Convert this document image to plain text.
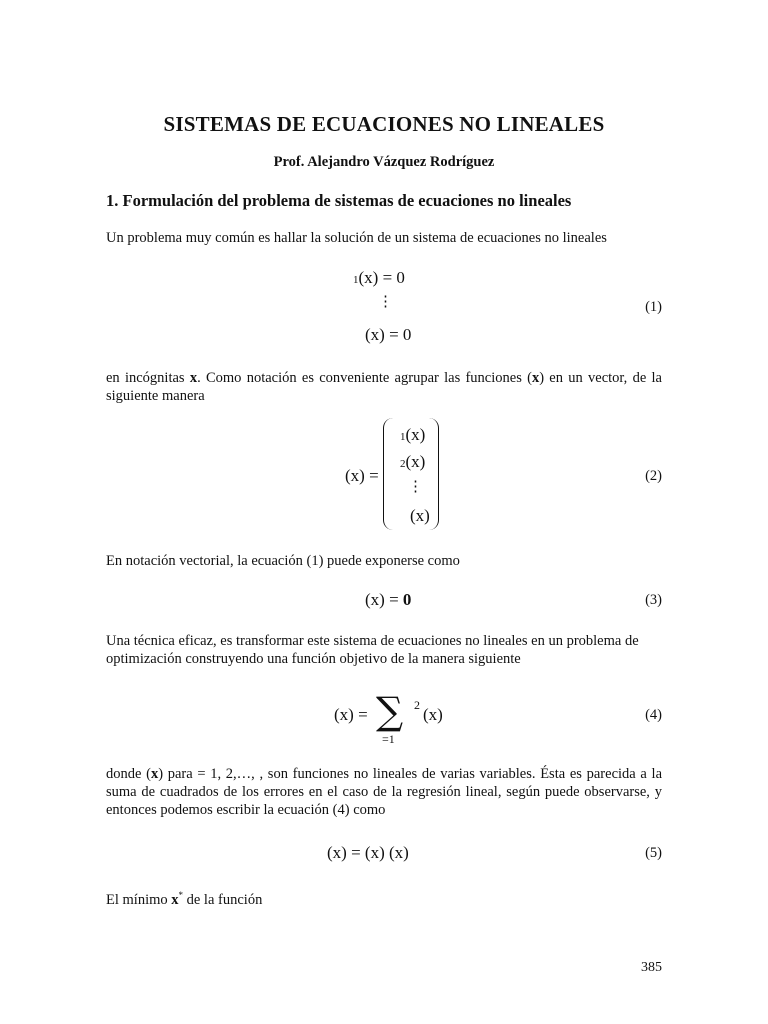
SISTEMAS DE ECUACIONES NO LINEALES
Prof. Alejandro Vázquez Rodríguez
1. Formulación del problema de sistemas de ecuaciones no lineales
Un problema muy común es hallar la solución de un sistema de ecuaciones no lineales
1(x) = 0
⋮
(x) = 0
(1)
en incógnitas x. Como notación es conveniente agrupar las funciones (x) en un vector, de la siguiente manera
(x) =
1(x)
2(x)
⋮
(x)
(2)
En notación vectorial, la ecuación (1) puede exponerse como
(x) = 0	(3)
Una técnica eficaz, es transformar este sistema de ecuaciones no lineales en un problema de optimización construyendo una función objetivo de la manera siguiente
(x) = ∑
=1
2 (x)	(4)
donde (x) para = 1, 2,…, , son funciones no lineales de varias variables. Ésta es parecida a la suma de cuadrados de los errores en el caso de la regresión lineal, según puede observarse, y entonces podemos escribir la ecuación (4) como
(x) = (x) (x)	(5)
El mínimo x* de la función
385
